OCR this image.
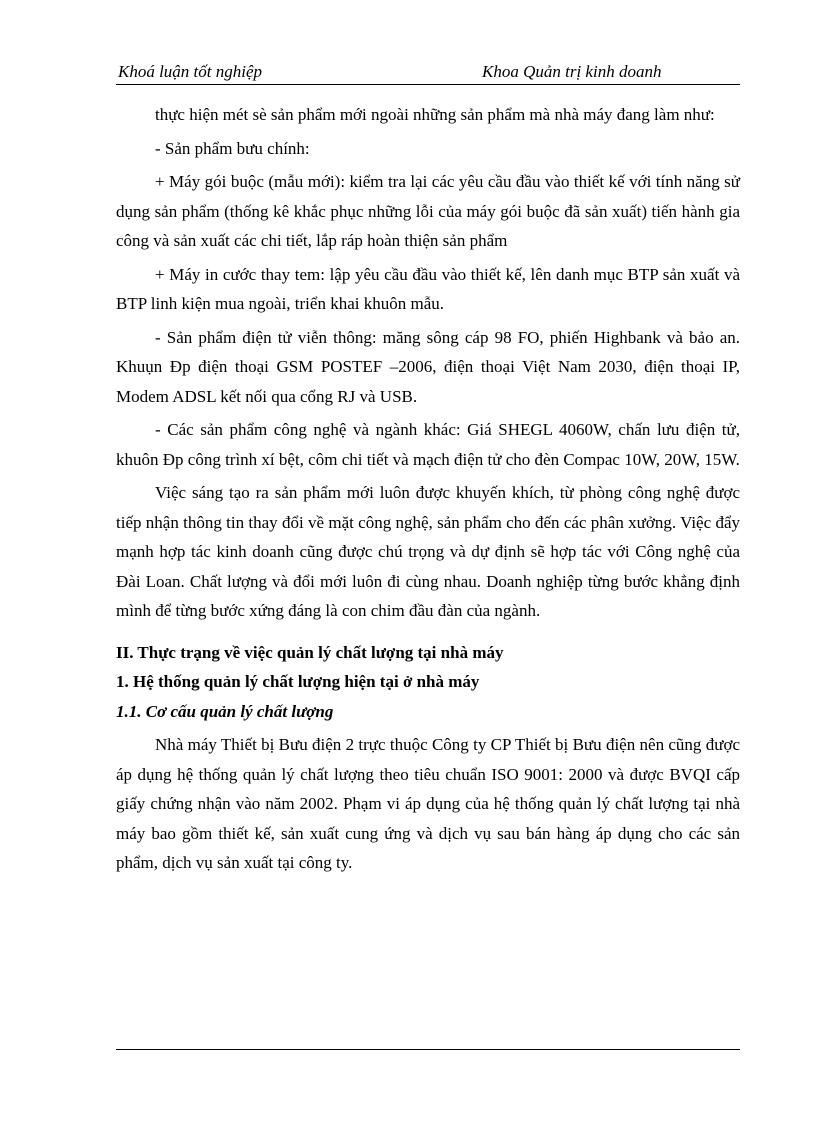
Khoá luận tốt nghiệp	Khoa Quản trị kinh doanh

thực hiện mét sè sản phẩm mới ngoài những sản phẩm mà nhà máy đang làm như:

- Sản phẩm bưu chính:

+ Máy gói buộc (mẫu mới): kiểm tra lại các yêu cầu đầu vào thiết kế với tính năng sử dụng sản phẩm (thống kê khắc phục những lỗi của máy gói buộc đã sản xuất) tiến hành gia công và sản xuất các chi tiết, lắp ráp hoàn thiện sản phẩm

+ Máy in cước thay tem: lập yêu cầu đầu vào thiết kế, lên danh mục BTP sản xuất và BTP linh kiện mua ngoài, triển khai khuôn mẫu.

- Sản phẩm điện tử viễn thông: măng sông cáp 98 FO, phiến Highbank và bảo an. Khuụn Đp điện thoại GSM POSTEF –2006, điện thoại Việt Nam 2030, điện thoại IP, Modem ADSL kết nối qua cổng RJ và USB.

- Các sản phẩm công nghệ và ngành khác: Giá SHEGL 4060W, chấn lưu điện tử, khuôn Đp công trình xí bệt, côm chi tiết và mạch điện tử cho đèn Compac 10W, 20W, 15W.

Việc sáng tạo ra sản phẩm mới luôn được khuyến khích, từ phòng công nghệ được tiếp nhận thông tin thay đổi về mặt công nghệ, sản phẩm cho đến các phân xưởng. Việc đẩy mạnh hợp tác kinh doanh cũng được chú trọng và dự định sẽ hợp tác với Công nghệ của Đài Loan. Chất lượng và đổi mới luôn đi cùng nhau. Doanh nghiệp từng bước khẳng định mình để từng bước xứng đáng là con chim đầu đàn của ngành.

II. Thực trạng về việc quản lý chất lượng tại nhà máy

1. Hệ thống quản lý chất lượng hiện tại ở nhà máy

1.1. Cơ cấu quản lý chất lượng

Nhà máy Thiết bị Bưu điện 2 trực thuộc Công ty CP Thiết bị Bưu điện nên cũng được áp dụng hệ thống quản lý chất lượng theo tiêu chuẩn ISO 9001: 2000 và được BVQI cấp giấy chứng nhận vào năm 2002. Phạm vi áp dụng của hệ thống quản lý chất lượng tại nhà máy bao gồm thiết kế, sản xuất cung ứng và dịch vụ sau bán hàng áp dụng cho các sản phẩm, dịch vụ sản xuất tại công ty.
